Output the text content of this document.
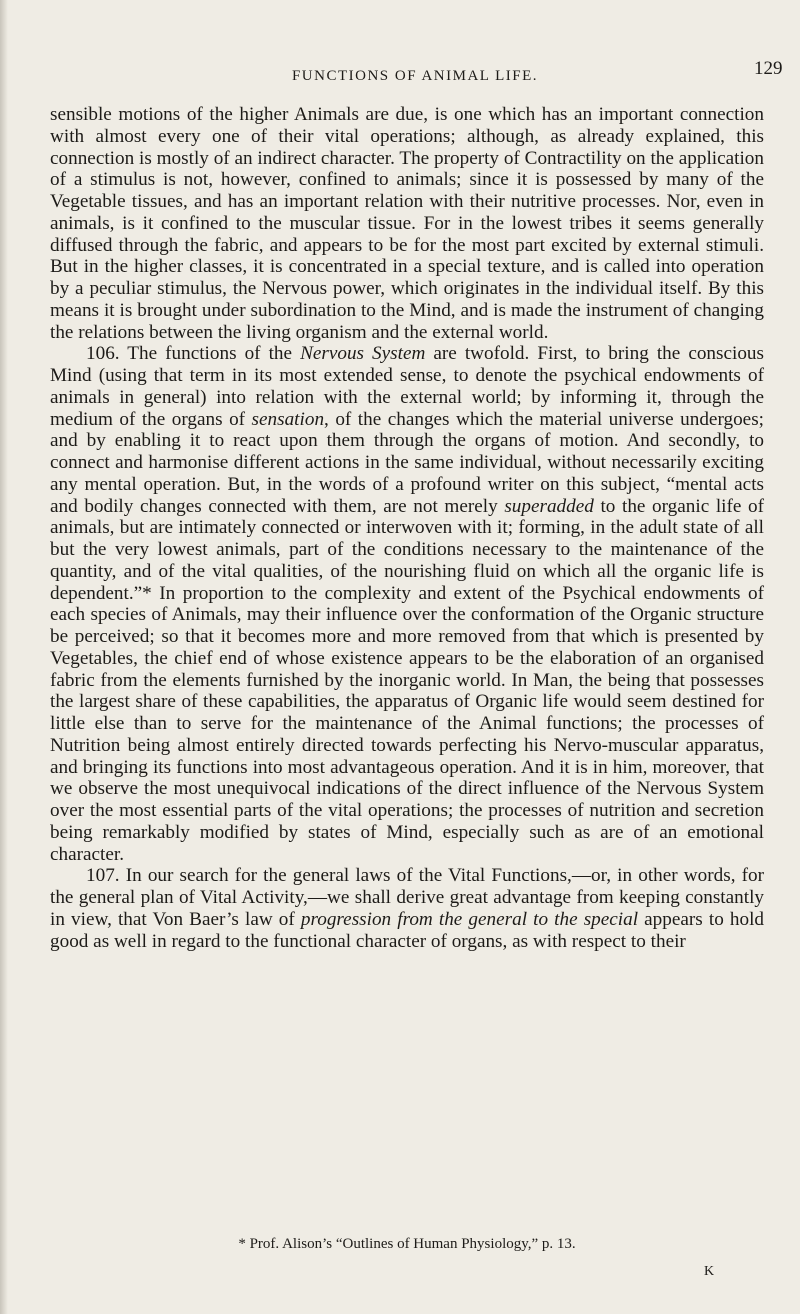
FUNCTIONS OF ANIMAL LIFE.	129

sensible motions of the higher Animals are due, is one which has an important connection with almost every one of their vital operations; although, as already explained, this connection is mostly of an indirect character. The property of Contractility on the application of a stimulus is not, however, confined to animals; since it is possessed by many of the Vegetable tissues, and has an important relation with their nutritive processes. Nor, even in animals, is it confined to the muscular tissue. For in the lowest tribes it seems generally diffused through the fabric, and appears to be for the most part excited by external stimuli. But in the higher classes, it is concentrated in a special texture, and is called into operation by a peculiar stimulus, the Nervous power, which originates in the individual itself. By this means it is brought under subordination to the Mind, and is made the instrument of changing the relations between the living organism and the external world.

106. The functions of the Nervous System are twofold. First, to bring the conscious Mind (using that term in its most extended sense, to denote the psychical endowments of animals in general) into relation with the external world; by informing it, through the medium of the organs of sensation, of the changes which the material universe undergoes; and by enabling it to react upon them through the organs of motion. And secondly, to connect and harmonise different actions in the same individual, without necessarily exciting any mental operation. But, in the words of a profound writer on this subject, “mental acts and bodily changes connected with them, are not merely superadded to the organic life of animals, but are intimately connected or interwoven with it; forming, in the adult state of all but the very lowest animals, part of the conditions necessary to the maintenance of the quantity, and of the vital qualities, of the nourishing fluid on which all the organic life is dependent.”* In proportion to the complexity and extent of the Psychical endowments of each species of Animals, may their influence over the conformation of the Organic structure be perceived; so that it becomes more and more removed from that which is presented by Vegetables, the chief end of whose existence appears to be the elaboration of an organised fabric from the elements furnished by the inorganic world. In Man, the being that possesses the largest share of these capabilities, the apparatus of Organic life would seem destined for little else than to serve for the maintenance of the Animal functions; the processes of Nutrition being almost entirely directed towards perfecting his Nervo-muscular apparatus, and bringing its functions into most advantageous operation. And it is in him, moreover, that we observe the most unequivocal indications of the direct influence of the Nervous System over the most essential parts of the vital operations; the processes of nutrition and secretion being remarkably modified by states of Mind, especially such as are of an emotional character.

107. In our search for the general laws of the Vital Functions,—or, in other words, for the general plan of Vital Activity,—we shall derive great advantage from keeping constantly in view, that Von Baer’s law of progression from the general to the special appears to hold good as well in regard to the functional character of organs, as with respect to their

* Prof. Alison’s “Outlines of Human Physiology,” p. 13.
K
